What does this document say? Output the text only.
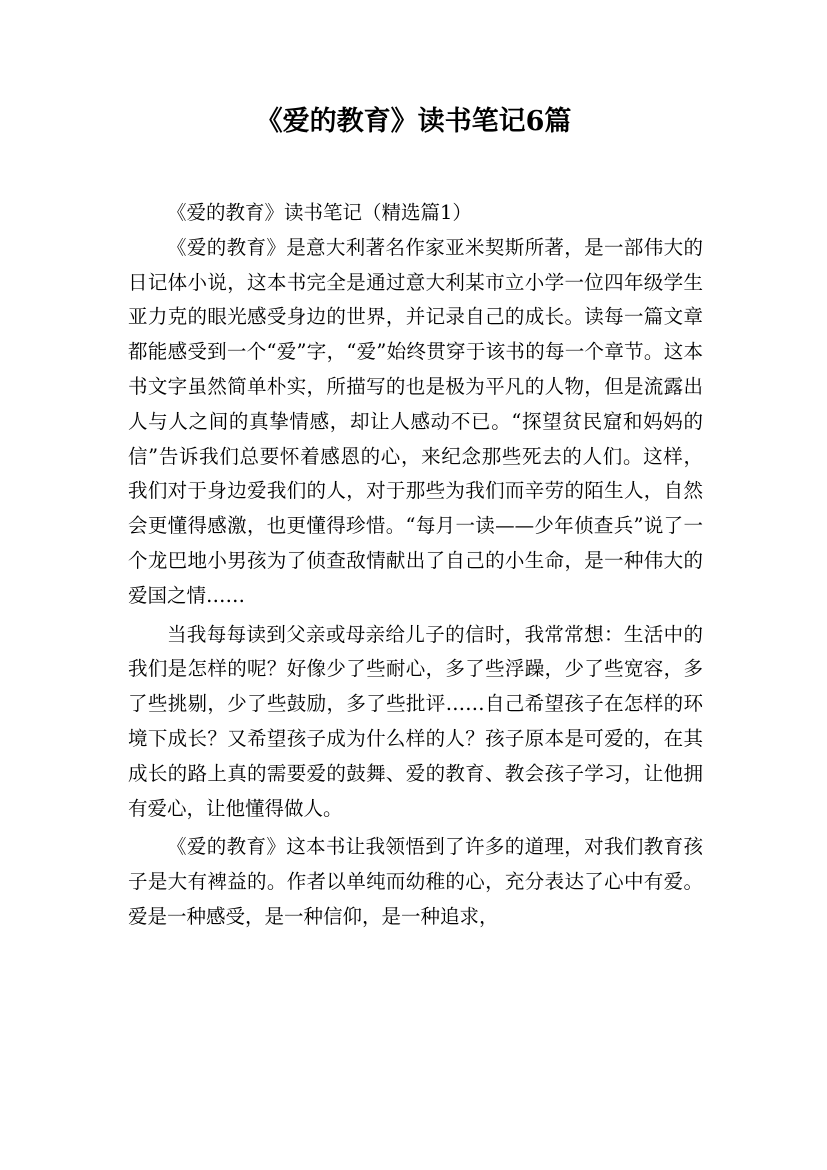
《爱的教育》读书笔记6篇

《爱的教育》读书笔记（精选篇1）

《爱的教育》是意大利著名作家亚米契斯所著，是一部伟大的日记体小说，这本书完全是通过意大利某市立小学一位四年级学生亚力克的眼光感受身边的世界，并记录自己的成长。读每一篇文章都能感受到一个“爱”字，“爱”始终贯穿于该书的每一个章节。这本书文字虽然简单朴实，所描写的也是极为平凡的人物，但是流露出人与人之间的真挚情感，却让人感动不已。“探望贫民窟和妈妈的信”告诉我们总要怀着感恩的心，来纪念那些死去的人们。这样，我们对于身边爱我们的人，对于那些为我们而辛劳的陌生人，自然会更懂得感激，也更懂得珍惜。“每月一读——少年侦查兵”说了一个龙巴地小男孩为了侦查敌情献出了自己的小生命，是一种伟大的爱国之情……

当我每每读到父亲或母亲给儿子的信时，我常常想：生活中的我们是怎样的呢？好像少了些耐心，多了些浮躁，少了些宽容，多了些挑剔，少了些鼓励，多了些批评……自己希望孩子在怎样的环境下成长？又希望孩子成为什么样的人？孩子原本是可爱的，在其成长的路上真的需要爱的鼓舞、爱的教育、教会孩子学习，让他拥有爱心，让他懂得做人。

《爱的教育》这本书让我领悟到了许多的道理，对我们教育孩子是大有裨益的。作者以单纯而幼稚的心，充分表达了心中有爱。爱是一种感受，是一种信仰，是一种追求，
